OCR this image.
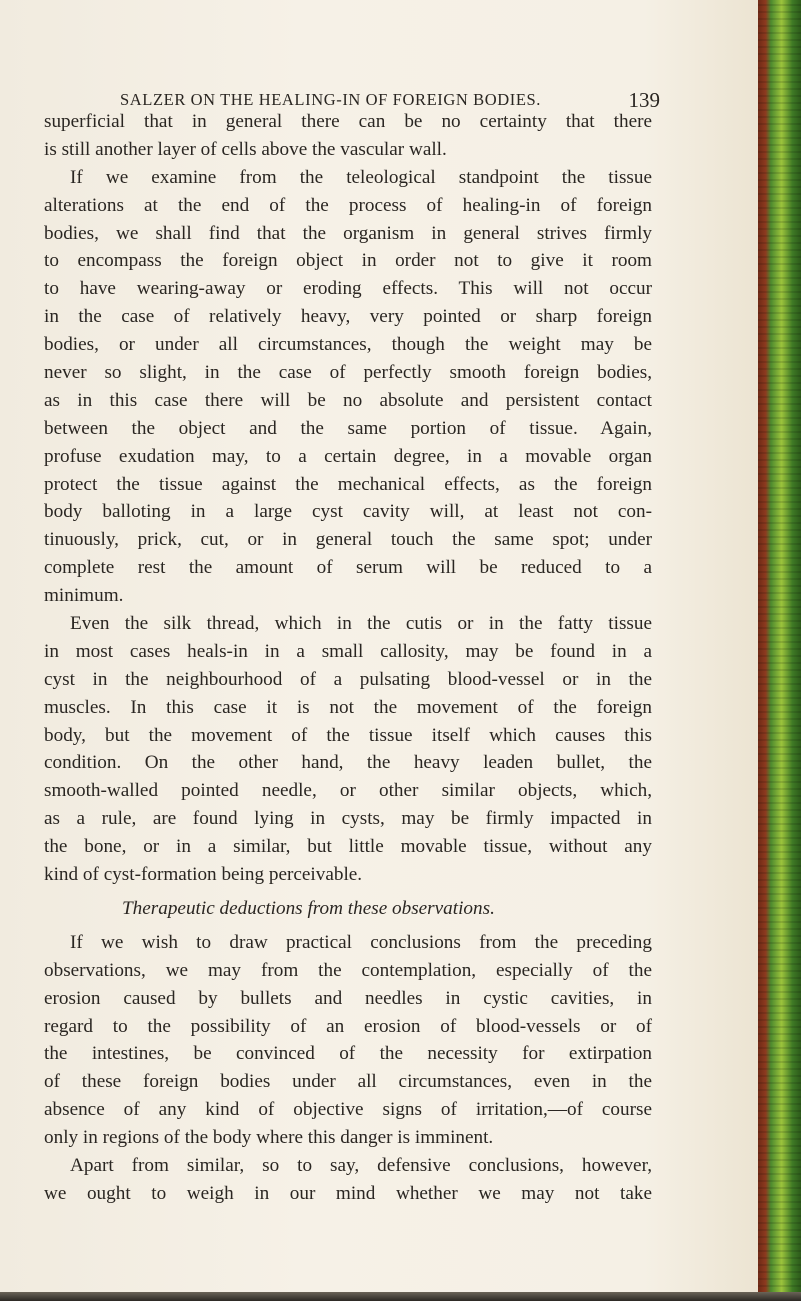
SALZER ON THE HEALING-IN OF FOREIGN BODIES.	139
superficial that in general there can be no certainty that there
is still another layer of cells above the vascular wall.
If we examine from the teleological standpoint the tissue
alterations at the end of the process of healing-in of foreign
bodies, we shall find that the organism in general strives firmly
to encompass the foreign object in order not to give it room
to have wearing-away or eroding effects. This will not occur
in the case of relatively heavy, very pointed or sharp foreign
bodies, or under all circumstances, though the weight may be
never so slight, in the case of perfectly smooth foreign bodies,
as in this case there will be no absolute and persistent contact
between the object and the same portion of tissue. Again,
profuse exudation may, to a certain degree, in a movable organ
protect the tissue against the mechanical effects, as the foreign
body balloting in a large cyst cavity will, at least not con-
tinuously, prick, cut, or in general touch the same spot; under
complete rest the amount of serum will be reduced to a
minimum.
Even the silk thread, which in the cutis or in the fatty tissue
in most cases heals-in in a small callosity, may be found in a
cyst in the neighbourhood of a pulsating blood-vessel or in the
muscles. In this case it is not the movement of the foreign
body, but the movement of the tissue itself which causes this
condition. On the other hand, the heavy leaden bullet, the
smooth-walled pointed needle, or other similar objects, which,
as a rule, are found lying in cysts, may be firmly impacted in
the bone, or in a similar, but little movable tissue, without any
kind of cyst-formation being perceivable.
Therapeutic deductions from these observations.
If we wish to draw practical conclusions from the preceding
observations, we may from the contemplation, especially of the
erosion caused by bullets and needles in cystic cavities, in
regard to the possibility of an erosion of blood-vessels or of
the intestines, be convinced of the necessity for extirpation
of these foreign bodies under all circumstances, even in the
absence of any kind of objective signs of irritation,—of course
only in regions of the body where this danger is imminent.
Apart from similar, so to say, defensive conclusions, however,
we ought to weigh in our mind whether we may not take
